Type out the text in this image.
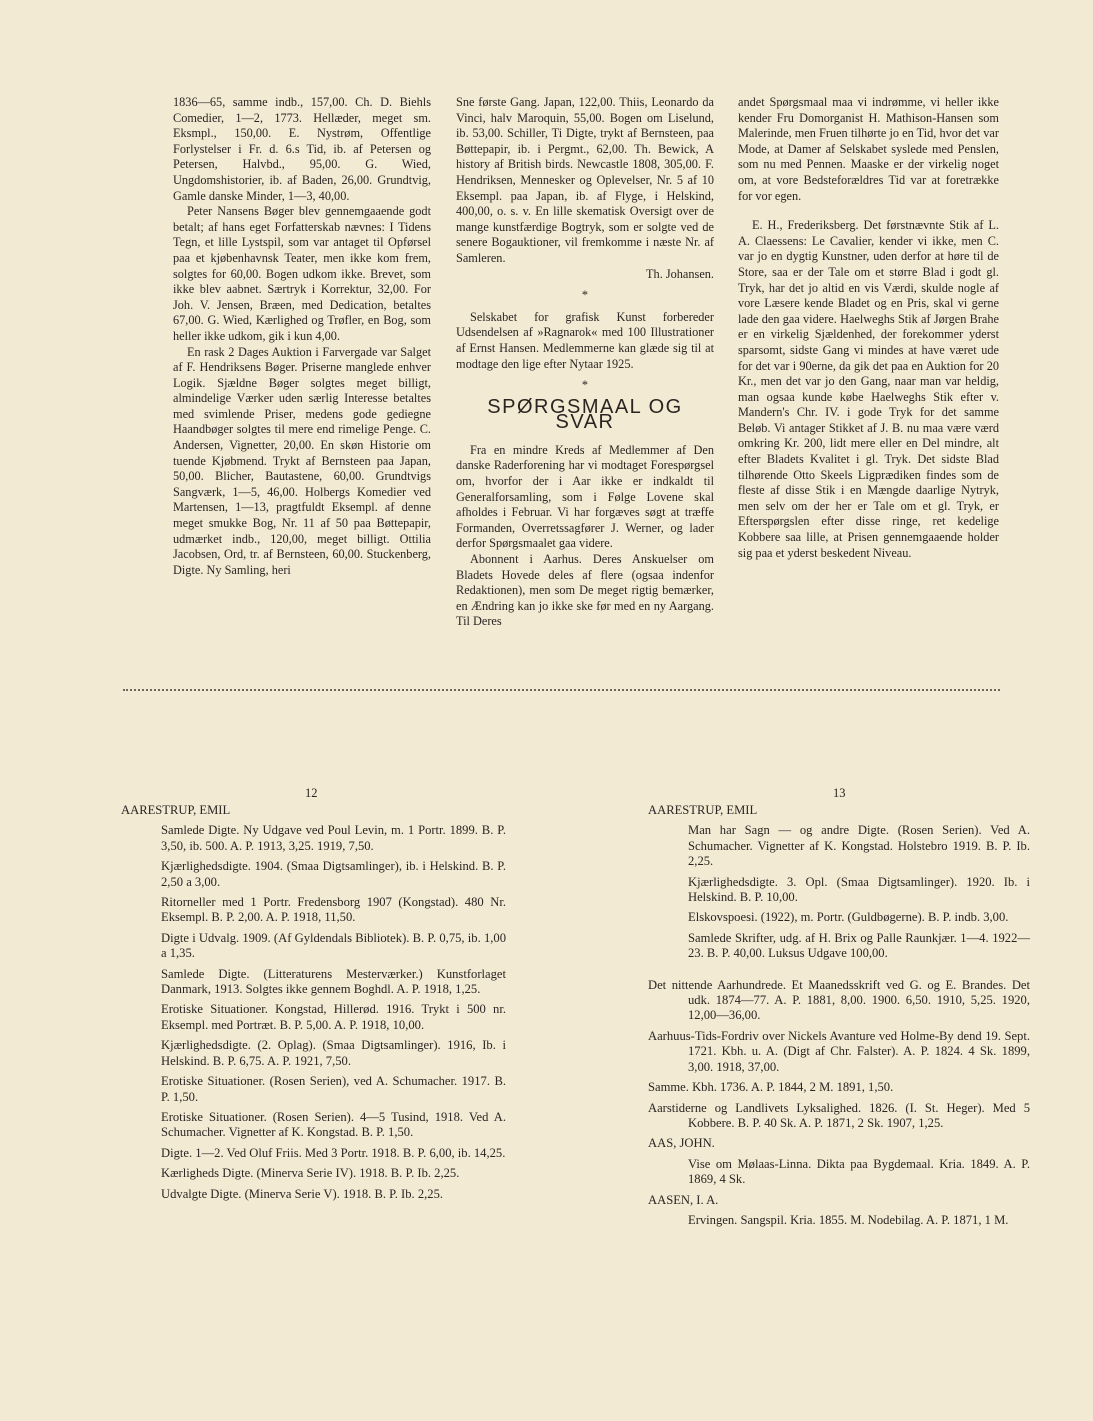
1836—65, samme indb., 157,00. Ch. D. Biehls Comedier, 1—2, 1773. Hellæder, meget sm. Eksmpl., 150,00. E. Nystrøm, Offentlige Forlystelser i Fr. d. 6.s Tid, ib. af Petersen og Petersen, Halvbd., 95,00. G. Wied, Ungdomshistorier, ib. af Baden, 26,00. Grundtvig, Gamle danske Minder, 1—3, 40,00.

Peter Nansens Bøger blev gennemgaaende godt betalt; af hans eget Forfatterskab nævnes: I Tidens Tegn, et lille Lystspil, som var antaget til Opførsel paa et kjøbenhavnsk Teater, men ikke kom frem, solgtes for 60,00. Bogen udkom ikke. Brevet, som ikke blev aabnet. Særtryk i Korrektur, 32,00. For Joh. V. Jensen, Bræen, med Dedication, betaltes 67,00. G. Wied, Kærlighed og Trøfler, en Bog, som heller ikke udkom, gik i kun 4,00.

En rask 2 Dages Auktion i Farvergade var Salget af F. Hendriksens Bøger. Priserne manglede enhver Logik. Sjældne Bøger solgtes meget billigt, almindelige Værker uden særlig Interesse betaltes med svimlende Priser, medens gode gediegne Haandbøger solgtes til mere end rimelige Penge. C. Andersen, Vignetter, 20,00. En skøn Historie om tuende Kjøbmend. Trykt af Bernsteen paa Japan, 50,00. Blicher, Bautastene, 60,00. Grundtvigs Sangværk, 1—5, 46,00. Holbergs Komedier ved Martensen, 1—13, pragtfuldt Eksempl. af denne meget smukke Bog, Nr. 11 af 50 paa Bøttepapir, udmærket indb., 120,00, meget billigt. Ottilia Jacobsen, Ord, tr. af Bernsteen, 60,00. Stuckenberg, Digte. Ny Samling, heri

Sne første Gang. Japan, 122,00. Thiis, Leonardo da Vinci, halv Maroquin, 55,00. Bogen om Liselund, ib. 53,00. Schiller, Ti Digte, trykt af Bernsteen, paa Bøttepapir, ib. i Pergmt., 62,00. Th. Bewick, A history af British birds. Newcastle 1808, 305,00. F. Hendriksen, Mennesker og Oplevelser, Nr. 5 af 10 Eksempl. paa Japan, ib. af Flyge, i Helskind, 400,00, o. s. v. En lille skematisk Oversigt over de mange kunstfærdige Bogtryk, som er solgte ved de senere Bogauktioner, vil fremkomme i næste Nr. af Samleren.

Th. Johansen.

*

Selskabet for grafisk Kunst forbereder Udsendelsen af »Ragnarok« med 100 Illustrationer af Ernst Hansen. Medlemmerne kan glæde sig til at modtage den lige efter Nytaar 1925.

*

SPØRGSMAAL OG SVAR

Fra en mindre Kreds af Medlemmer af Den danske Raderforening har vi modtaget Forespørgsel om, hvorfor der i Aar ikke er indkaldt til Generalforsamling, som i Følge Lovene skal afholdes i Februar. Vi har forgæves søgt at træffe Formanden, Overretssagfører J. Werner, og lader derfor Spørgsmaalet gaa videre.

Abonnent i Aarhus. Deres Anskuelser om Bladets Hovede deles af flere (ogsaa indenfor Redaktionen), men som De meget rigtig bemærker, en Ændring kan jo ikke ske før med en ny Aargang. Til Deres

andet Spørgsmaal maa vi indrømme, vi heller ikke kender Fru Domorganist H. Mathison-Hansen som Malerinde, men Fruen tilhørte jo en Tid, hvor det var Mode, at Damer af Selskabet syslede med Penslen, som nu med Pennen. Maaske er der virkelig noget om, at vore Bedsteforældres Tid var at foretrække for vor egen.

E. H., Frederiksberg. Det førstnævnte Stik af L. A. Claessens: Le Cavalier, kender vi ikke, men C. var jo en dygtig Kunstner, uden derfor at høre til de Store, saa er der Tale om et større Blad i godt gl. Tryk, har det jo altid en vis Værdi, skulde nogle af vore Læsere kende Bladet og en Pris, skal vi gerne lade den gaa videre. Haelweghs Stik af Jørgen Brahe er en virkelig Sjældenhed, der forekommer yderst sparsomt, sidste Gang vi mindes at have været ude for det var i 90erne, da gik det paa en Auktion for 20 Kr., men det var jo den Gang, naar man var heldig, man ogsaa kunde købe Haelweghs Stik efter v. Mandern's Chr. IV. i gode Tryk for det samme Beløb. Vi antager Stikket af J. B. nu maa være værd omkring Kr. 200, lidt mere eller en Del mindre, alt efter Bladets Kvalitet i gl. Tryk. Det sidste Blad tilhørende Otto Skeels Ligprædiken findes som de fleste af disse Stik i en Mængde daarlige Nytryk, men selv om der her er Tale om et gl. Tryk, er Efterspørgslen efter disse ringe, ret kedelige Kobbere saa lille, at Prisen gennemgaaende holder sig paa et yderst beskedent Niveau.

12	13

AARESTRUP, EMIL

Samlede Digte. Ny Udgave ved Poul Levin, m. 1 Portr. 1899. B. P. 3,50, ib. 500. A. P. 1913, 3,25. 1919, 7,50.

Kjærlighedsdigte. 1904. (Smaa Digtsamlinger), ib. i Helskind. B. P. 2,50 a 3,00.

Ritorneller med 1 Portr. Fredensborg 1907 (Kongstad). 480 Nr. Eksempl. B. P. 2,00. A. P. 1918, 11,50.

Digte i Udvalg. 1909. (Af Gyldendals Bibliotek). B. P. 0,75, ib. 1,00 a 1,35.

Samlede Digte. (Litteraturens Mesterværker.) Kunstforlaget Danmark, 1913. Solgtes ikke gennem Boghdl. A. P. 1918, 1,25.

Erotiske Situationer. Kongstad, Hillerød. 1916. Trykt i 500 nr. Eksempl. med Portræt. B. P. 5,00. A. P. 1918, 10,00.

Kjærlighedsdigte. (2. Oplag). (Smaa Digtsamlinger). 1916, Ib. i Helskind. B. P. 6,75. A. P. 1921, 7,50.

Erotiske Situationer. (Rosen Serien), ved A. Schumacher. 1917. B. P. 1,50.

Erotiske Situationer. (Rosen Serien). 4—5 Tusind, 1918. Ved A. Schumacher. Vignetter af K. Kongstad. B. P. 1,50.

Digte. 1—2. Ved Oluf Friis. Med 3 Portr. 1918. B. P. 6,00, ib. 14,25.

Kærligheds Digte. (Minerva Serie IV). 1918. B. P. Ib. 2,25.

Udvalgte Digte. (Minerva Serie V). 1918. B. P. Ib. 2,25.

AARESTRUP, EMIL

Man har Sagn — og andre Digte. (Rosen Serien). Ved A. Schumacher. Vignetter af K. Kongstad. Holstebro 1919. B. P. Ib. 2,25.

Kjærlighedsdigte. 3. Opl. (Smaa Digtsamlinger). 1920. Ib. i Helskind. B. P. 10,00.

Elskovspoesi. (1922), m. Portr. (Guldbøgerne). B. P. indb. 3,00.

Samlede Skrifter, udg. af H. Brix og Palle Raunkjær. 1—4. 1922—23. B. P. 40,00. Luksus Udgave 100,00.

Det nittende Aarhundrede. Et Maanedsskrift ved G. og E. Brandes. Det udk. 1874—77. A. P. 1881, 8,00. 1900. 6,50. 1910, 5,25. 1920, 12,00—36,00.

Aarhuus-Tids-Fordriv over Nickels Avanture ved Holme-By dend 19. Sept. 1721. Kbh. u. A. (Digt af Chr. Falster). A. P. 1824. 4 Sk. 1899, 3,00. 1918, 37,00.

Samme. Kbh. 1736. A. P. 1844, 2 M. 1891, 1,50.

Aarstiderne og Landlivets Lyksalighed. 1826. (I. St. Heger). Med 5 Kobbere. B. P. 40 Sk. A. P. 1871, 2 Sk. 1907, 1,25.

AAS, JOHN.

Vise om Mølaas-Linna. Dikta paa Bygdemaal. Kria. 1849. A. P. 1869, 4 Sk.

AASEN, I. A.

Ervingen. Sangspil. Kria. 1855. M. Nodebilag. A. P. 1871, 1 M.
